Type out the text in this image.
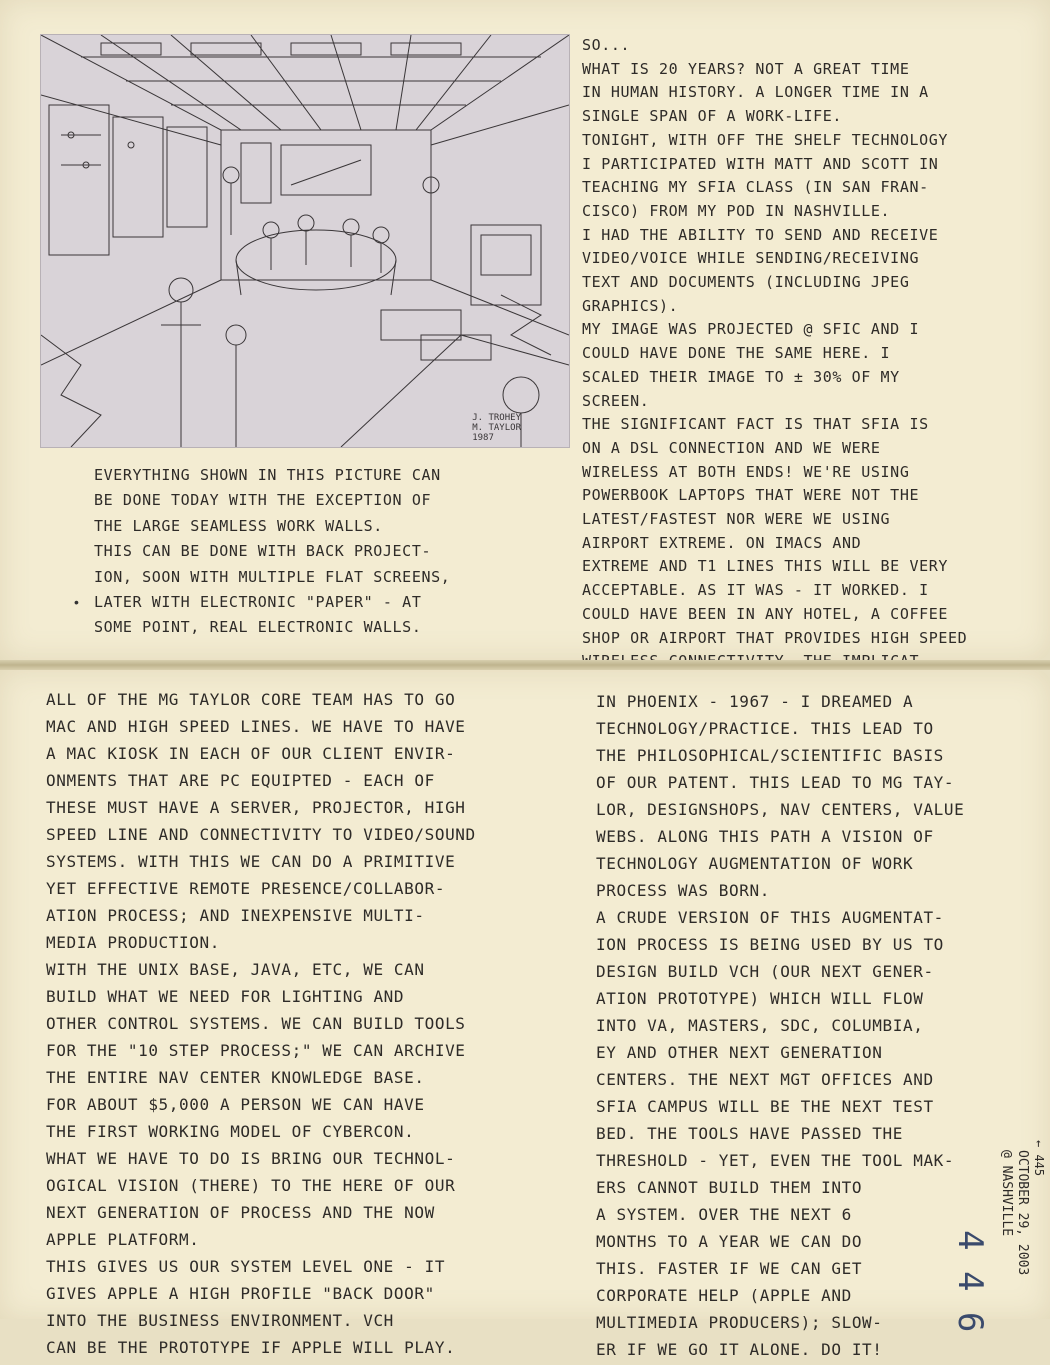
J. TROHEY
M. TAYLOR
1987
•

EVERYTHING SHOWN IN THIS PICTURE CAN

BE DONE TODAY WITH THE EXCEPTION OF

THE LARGE SEAMLESS WORK WALLS.

THIS CAN BE DONE WITH BACK PROJECT-

ION, SOON WITH MULTIPLE FLAT SCREENS,

LATER WITH ELECTRONIC "PAPER" - AT

SOME POINT, REAL ELECTRONIC WALLS.

SO...

WHAT IS 20 YEARS? NOT A GREAT TIME

IN HUMAN HISTORY. A LONGER TIME IN A

SINGLE SPAN OF A WORK-LIFE.

TONIGHT, WITH OFF THE SHELF TECHNOLOGY

I PARTICIPATED WITH MATT AND SCOTT IN

TEACHING MY SFIA CLASS (IN SAN FRAN-

CISCO) FROM MY POD IN NASHVILLE.

I HAD THE ABILITY TO SEND AND RECEIVE

VIDEO/VOICE WHILE SENDING/RECEIVING

TEXT AND DOCUMENTS (INCLUDING JPEG

GRAPHICS).

MY IMAGE WAS PROJECTED @ SFIC AND I

COULD HAVE DONE THE SAME HERE. I

SCALED THEIR IMAGE TO ± 30% OF MY

SCREEN.

THE SIGNIFICANT FACT IS THAT SFIA IS

ON A DSL CONNECTION AND WE WERE

WIRELESS AT BOTH ENDS! WE'RE USING

POWERBOOK LAPTOPS THAT WERE NOT THE

LATEST/FASTEST NOR WERE WE USING

AIRPORT EXTREME. ON IMACS AND

EXTREME AND T1 LINES THIS WILL BE VERY

ACCEPTABLE. AS IT WAS - IT WORKED. I

COULD HAVE BEEN IN ANY HOTEL, A COFFEE

SHOP OR AIRPORT THAT PROVIDES HIGH SPEED

ALL OF THE MG TAYLOR CORE TEAM HAS TO GO

MAC AND HIGH SPEED LINES. WE HAVE TO HAVE

A MAC KIOSK IN EACH OF OUR CLIENT ENVIR-

ONMENTS THAT ARE PC EQUIPTED - EACH OF

THESE MUST HAVE A SERVER, PROJECTOR, HIGH

SPEED LINE AND CONNECTIVITY TO VIDEO/SOUND

SYSTEMS. WITH THIS WE CAN DO A PRIMITIVE

YET EFFECTIVE REMOTE PRESENCE/COLLABOR-

ATION PROCESS; AND INEXPENSIVE MULTI-

MEDIA PRODUCTION.

WITH THE UNIX BASE, JAVA, ETC, WE CAN

BUILD WHAT WE NEED FOR LIGHTING AND

OTHER CONTROL SYSTEMS. WE CAN BUILD TOOLS

FOR THE "10 STEP PROCESS;" WE CAN ARCHIVE

THE ENTIRE NAV CENTER KNOWLEDGE BASE.

FOR ABOUT $5,000 A PERSON WE CAN HAVE

THE FIRST WORKING MODEL OF CYBERCON.

WHAT WE HAVE TO DO IS BRING OUR TECHNOL-

OGICAL VISION (THERE) TO THE HERE OF OUR

NEXT GENERATION OF PROCESS AND THE NOW

APPLE PLATFORM.

THIS GIVES US OUR SYSTEM LEVEL ONE - IT

GIVES APPLE A HIGH PROFILE "BACK DOOR"

INTO THE BUSINESS ENVIRONMENT. VCH

CAN BE THE PROTOTYPE IF APPLE WILL PLAY.

IN PHOENIX - 1967 - I DREAMED A

TECHNOLOGY/PRACTICE. THIS LEAD TO

THE PHILOSOPHICAL/SCIENTIFIC BASIS

OF OUR PATENT. THIS LEAD TO MG TAY-

LOR, DESIGNSHOPS, NAV CENTERS, VALUE

WEBS. ALONG THIS PATH A VISION OF

TECHNOLOGY AUGMENTATION OF WORK

PROCESS WAS BORN.

A CRUDE VERSION OF THIS AUGMENTAT-

ION PROCESS IS BEING USED BY US TO

DESIGN BUILD VCH (OUR NEXT GENER-

ATION PROTOTYPE) WHICH WILL FLOW

INTO VA, MASTERS, SDC, COLUMBIA,

EY AND OTHER NEXT GENERATION

CENTERS. THE NEXT MGT OFFICES AND

SFIA CAMPUS WILL BE THE NEXT TEST

BED. THE TOOLS HAVE PASSED THE

THRESHOLD - YET, EVEN THE TOOL MAK-

ERS CANNOT BUILD THEM INTO

A SYSTEM. OVER THE NEXT 6

MONTHS TO A YEAR WE CAN DO

THIS. FASTER IF WE CAN GET

CORPORATE HELP (APPLE AND

MULTIMEDIA PRODUCERS); SLOW-

ER IF WE GO IT ALONE. DO IT!

OCTOBER 29, 2003
@ NASHVILLE
4 4 6
← 445
